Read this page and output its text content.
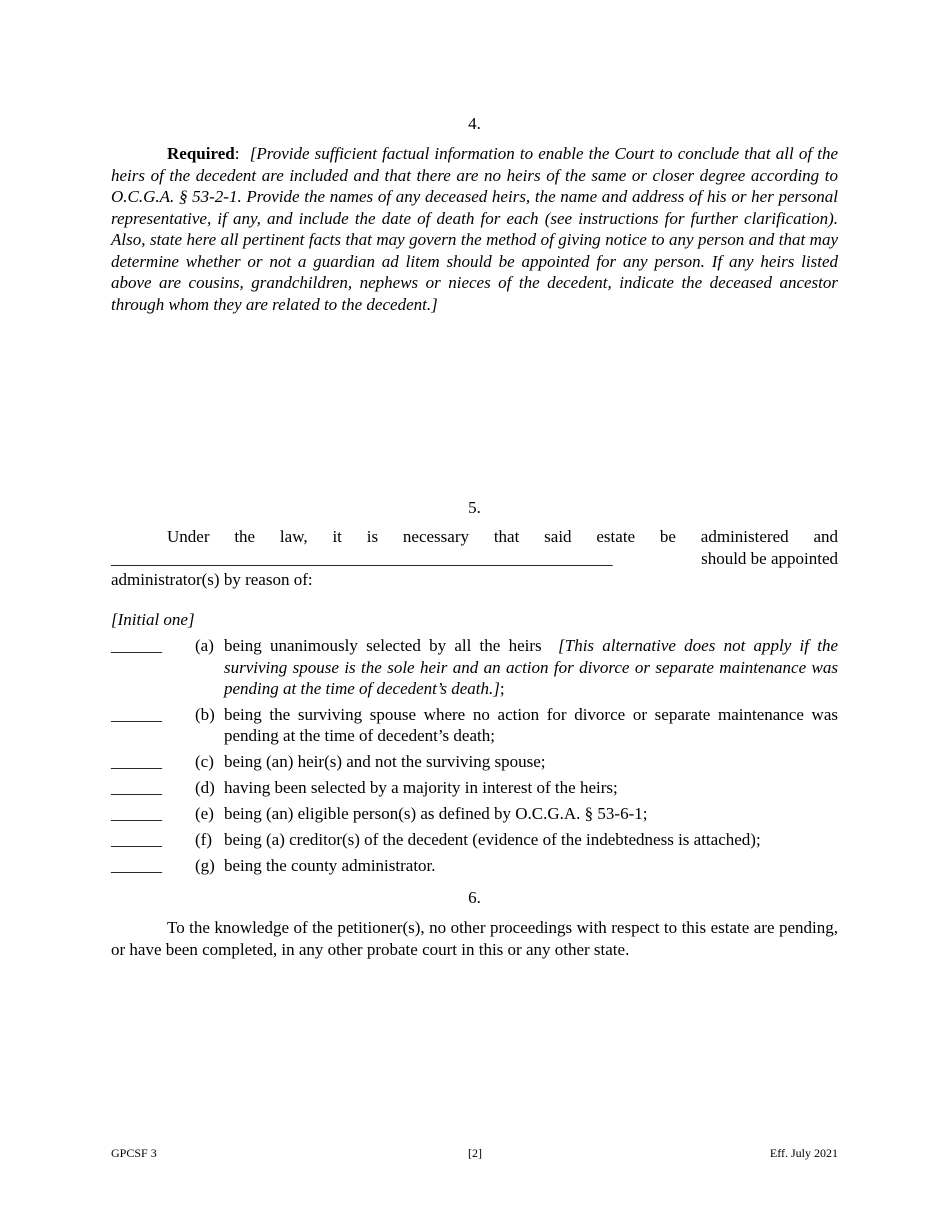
4.
Required: [Provide sufficient factual information to enable the Court to conclude that all of the heirs of the decedent are included and that there are no heirs of the same or closer degree according to O.C.G.A. § 53-2-1. Provide the names of any deceased heirs, the name and address of his or her personal representative, if any, and include the date of death for each (see instructions for further clarification). Also, state here all pertinent facts that may govern the method of giving notice to any person and that may determine whether or not a guardian ad litem should be appointed for any person. If any heirs listed above are cousins, grandchildren, nephews or nieces of the decedent, indicate the deceased ancestor through whom they are related to the decedent.]
5.
Under the law, it is necessary that said estate be administered and
___________________________________________________________	should be appointed
administrator(s) by reason of:
[Initial one]
______ (a) being unanimously selected by all the heirs [This alternative does not apply if the surviving spouse is the sole heir and an action for divorce or separate maintenance was pending at the time of decedent’s death.];
______ (b) being the surviving spouse where no action for divorce or separate maintenance was pending at the time of decedent’s death;
______ (c) being (an) heir(s) and not the surviving spouse;
______ (d) having been selected by a majority in interest of the heirs;
______ (e) being (an) eligible person(s) as defined by O.C.G.A. § 53-6-1;
______ (f) being (a) creditor(s) of the decedent (evidence of the indebtedness is attached);
______ (g) being the county administrator.
6.
To the knowledge of the petitioner(s), no other proceedings with respect to this estate are pending, or have been completed, in any other probate court in this or any other state.
GPCSF 3	[2]	Eff. July 2021
